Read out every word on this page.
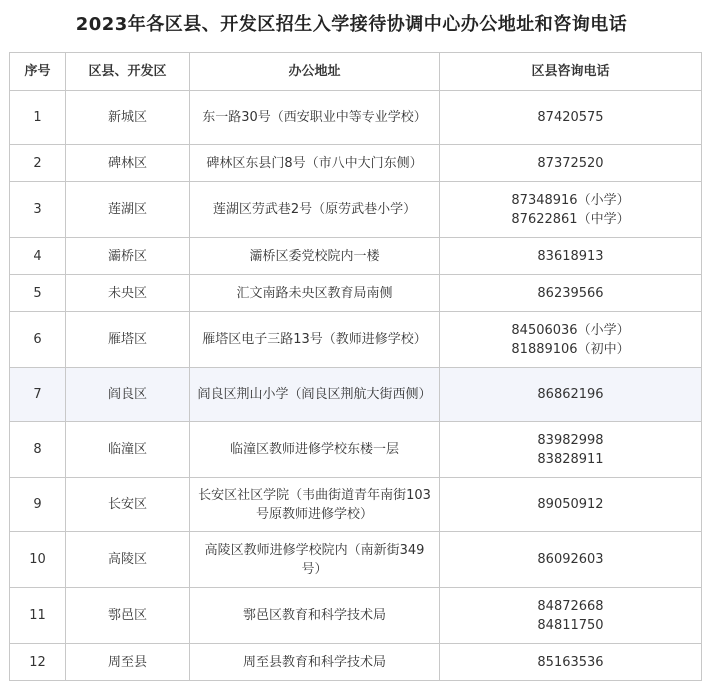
2023年各区县、开发区招生入学接待协调中心办公地址和咨询电话
序号	区县、开发区	办公地址	区县咨询电话
1	新城区	东一路30号（西安职业中等专业学校）	87420575

2	碑林区	碑林区东县门8号（市八中大门东侧）	87372520

3	莲湖区	莲湖区劳武巷2号（原劳武巷小学）	87348916（小学）
87622861（中学）

4	灞桥区	灞桥区委党校院内一楼	83618913

5	未央区	汇文南路未央区教育局南侧	86239566

6	雁塔区	雁塔区电子三路13号（教师进修学校）	84506036（小学）
81889106（初中）

7	阎良区	阎良区荆山小学（阎良区荆航大街西侧）	86862196

8	临潼区	临潼区教师进修学校东楼一层	83982998
83828911

9	长安区	长安区社区学院（韦曲街道青年南街103号原教师进修学校）	89050912

10	高陵区	高陵区教师进修学校院内（南新街349号）	86092603

11	鄠邑区	鄠邑区教育和科学技术局	84872668
84811750

12	周至县	周至县教育和科学技术局	85163536
